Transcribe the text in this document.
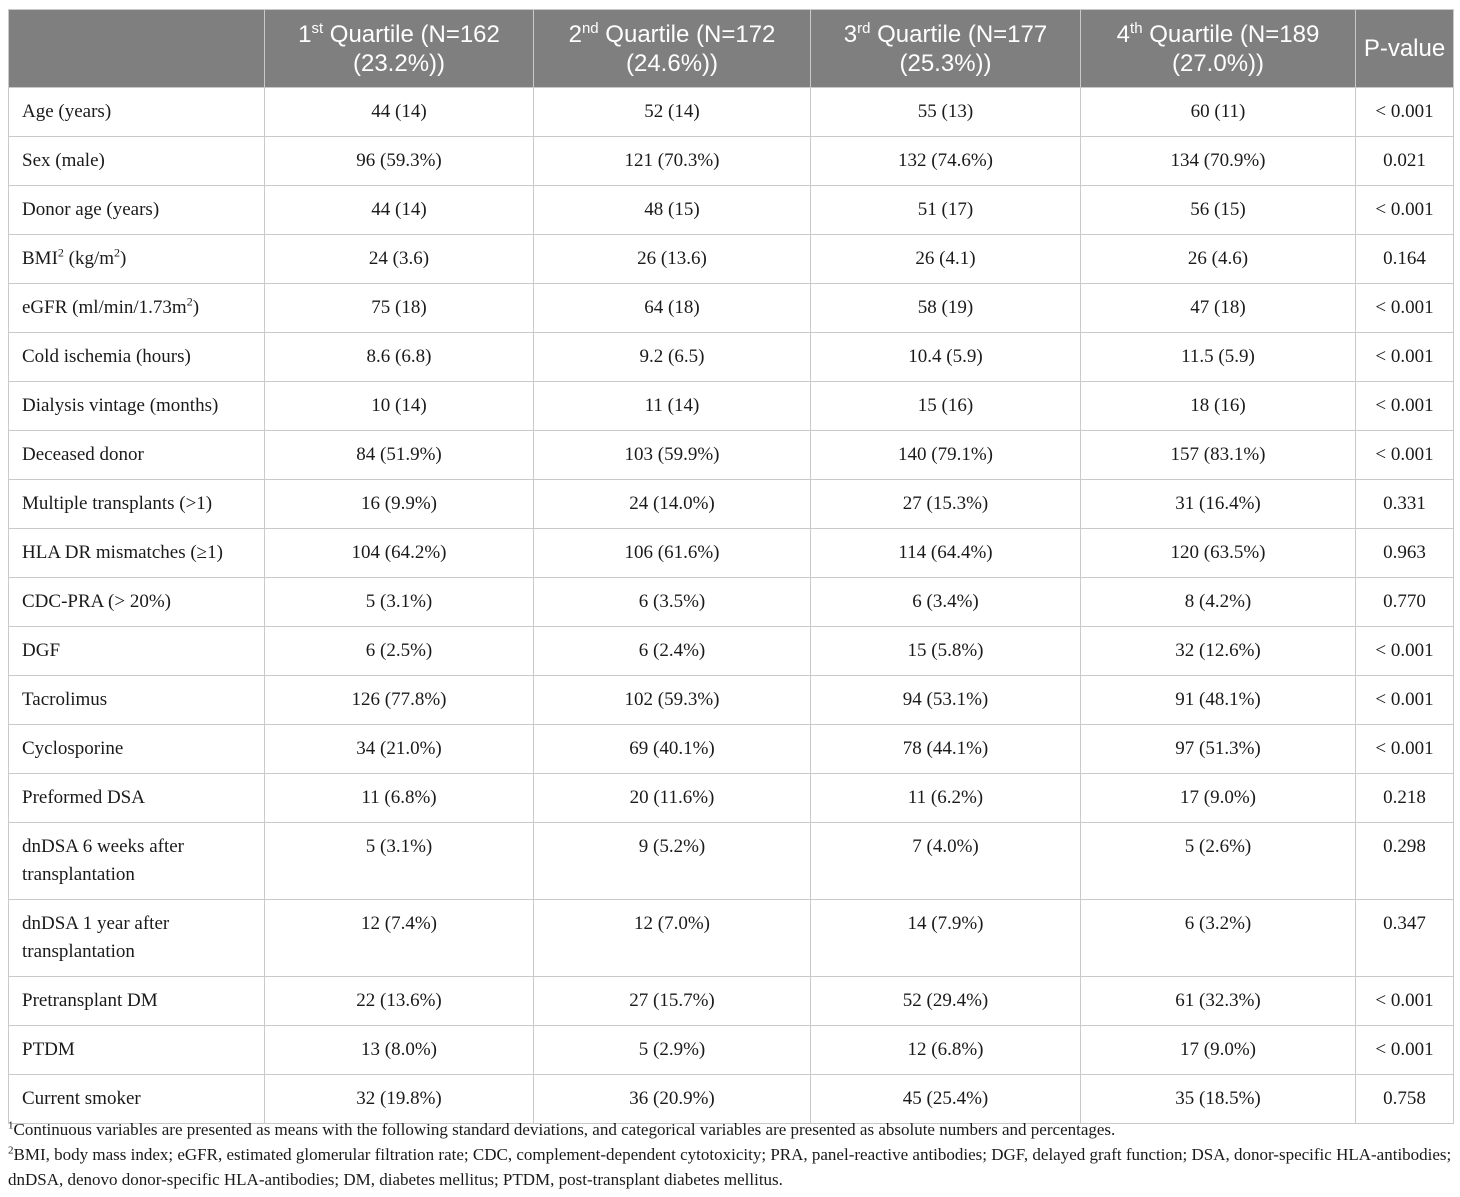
	1st Quartile (N=162 (23.2%))	2nd Quartile (N=172 (24.6%))	3rd Quartile (N=177 (25.3%))	4th Quartile (N=189 (27.0%))	P-value
Age (years)	44 (14)	52 (14)	55 (13)	60 (11)	< 0.001
Sex (male)	96 (59.3%)	121 (70.3%)	132 (74.6%)	134 (70.9%)	0.021
Donor age (years)	44 (14)	48 (15)	51 (17)	56 (15)	< 0.001
BMI$^2$ $(kg/m^2)$	24 (3.6)	26 (13.6)	26 (4.1)	26 (4.6)	0.164
eGFR $(ml/\min/1.73m^2)$	75 (18)	64 (18)	58 (19)	47 (18)	< 0.001
Cold ischemia (hours)	8.6 (6.8)	9.2 (6.5)	10.4 (5.9)	11.5 (5.9)	< 0.001
Dialysis vintage (months)	10 (14)	11 (14)	15 (16)	18 (16)	< 0.001
Deceased donor	84 (51.9%)	103 (59.9%)	140 (79.1%)	157 (83.1%)	< 0.001
Multiple transplants (>1)	16 (9.9%)	24 (14.0%)	27 (15.3%)	31 (16.4%)	0.331
HLA DR mismatches (≥1)	104 (64.2%)	106 (61.6%)	114 (64.4%)	120 (63.5%)	0.963
CDC-PRA (> 20%)	5 (3.1%)	6 (3.5%)	6 (3.4%)	8 (4.2%)	0.770
DGF	6 (2.5%)	6 (2.4%)	15 (5.8%)	32 (12.6%)	< 0.001
Tacrolimus	126 (77.8%)	102 (59.3%)	94 (53.1%)	91 (48.1%)	< 0.001
Cyclosporine	34 (21.0%)	69 (40.1%)	78 (44.1%)	97 (51.3%)	< 0.001
Preformed DSA	11 (6.8%)	20 (11.6%)	11 (6.2%)	17 (9.0%)	0.218
dnDSA 6 weeks after transplantation	5 (3.1%)	9 (5.2%)	7 (4.0%)	5 (2.6%)	0.298
dnDSA 1 year after transplantation	12 (7.4%)	12 (7.0%)	14 (7.9%)	6 (3.2%)	0.347
Pretransplant DM	22 (13.6%)	27 (15.7%)	52 (29.4%)	61 (32.3%)	< 0.001
PTDM	13 (8.0%)	5 (2.9%)	12 (6.8%)	17 (9.0%)	< 0.001
Current smoker	32 (19.8%)	36 (20.9%)	45 (25.4%)	35 (18.5%)	0.758

$^1$Continuous variables are presented as means with the following standard deviations, and categorical variables are presented as absolute numbers and percentages.

$^2$BMI, body mass index; eGFR, estimated glomerular filtration rate; CDC, complement-dependent cytotoxicity; PRA, panel-reactive antibodies; DGF, delayed graft function; DSA, donor-specific HLA-antibodies; dnDSA, denovo donor-specific HLA-antibodies; DM, diabetes mellitus; PTDM, post-transplant diabetes mellitus.
